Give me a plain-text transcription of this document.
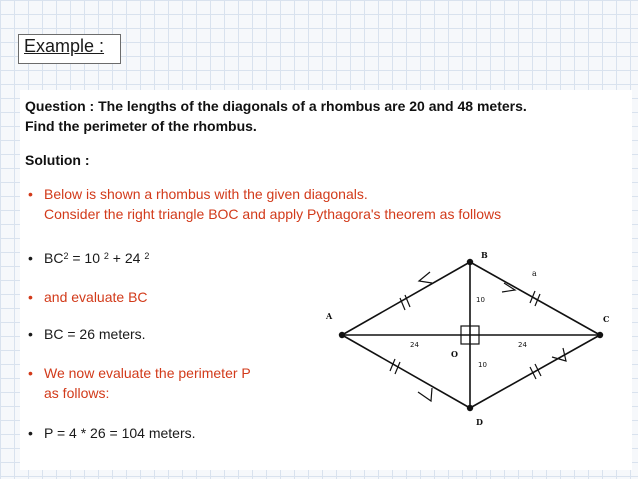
Example :
Question : The lengths of the diagonals of a rhombus are 20 and 48 meters.
Find the perimeter of the rhombus.
Solution :
• Below is shown a rhombus with the given diagonals.
Consider the right triangle BOC and apply Pythagora's theorem as follows
• $BC^2 = 10$ $^2$ + 24 $^2$
• and evaluate BC
• BC = 26 meters.
• We now evaluate the perimeter P
as follows:
• P = 4 * 26 = 104 meters.
A
B
C
D
O
a
10
10
24	24
